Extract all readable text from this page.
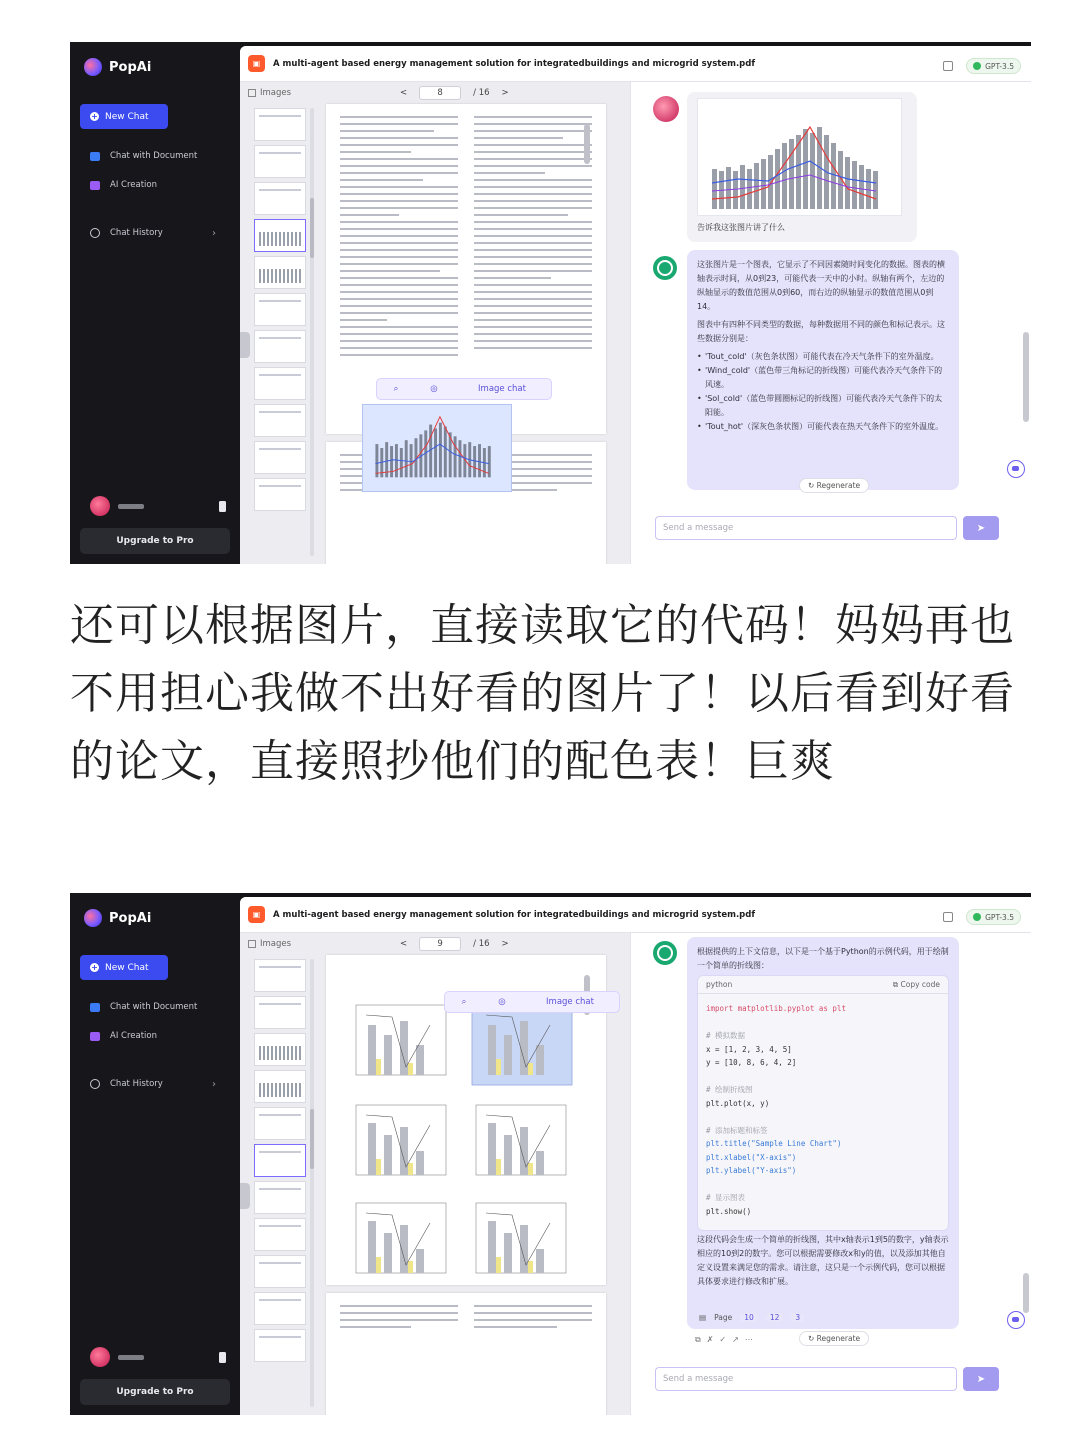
PopAi
+ New Chat
Chat with Document
AI Creation
Chat History	›
Upgrade to Pro
▣	A multi-agent based energy management solution for integratedbuildings and microgrid system.pdf	GPT-3.5
Images	<	8	/ 16 >
⌕	◎	Image chat
告诉我这张图片讲了什么

这张图片是一个图表，它显示了不同因素随时间变化的数据。图表的横轴表示时间，从0到23，可能代表一天中的小时。纵轴有两个，左边的纵轴显示的数值范围从0到60，而右边的纵轴显示的数值范围从0到14。

图表中有四种不同类型的数据，每种数据用不同的颜色和标记表示。这些数据分别是：

• 'Tout_cold'（灰色条状图）可能代表在冷天气条件下的室外温度。
• 'Wind_cold'（蓝色带三角标记的折线图）可能代表冷天气条件下的风速。
• 'Sol_cold'（蓝色带圆圈标记的折线图）可能代表冷天气条件下的太阳能。
• 'Tout_hot'（深灰色条状图）可能代表在热天气条件下的室外温度。
↻ Regenerate
Send a message	➤
还可以根据图片，直接读取它的代码！妈妈再也不用担心我做不出好看的图片了！以后看到好看的论文，直接照抄他们的配色表！巨爽
PopAi
+ New Chat
Chat with Document
AI Creation
Chat History	›
Upgrade to Pro
▣	A multi-agent based energy management solution for integratedbuildings and microgrid system.pdf	GPT-3.5
Images	<	9	/ 16 >
⌕	◎	Image chat

根据提供的上下文信息，以下是一个基于Python的示例代码，用于绘制一个简单的折线图：

python	⧉ Copy code
import matplotlib.pyplot as plt

# 模拟数据
x = [1, 2, 3, 4, 5]
y = [10, 8, 6, 4, 2]

# 绘制折线图
plt.plot(x, y)

# 添加标题和标签
plt.title("Sample Line Chart")
plt.xlabel("X-axis")
plt.ylabel("Y-axis")

# 显示图表
plt.show()

这段代码会生成一个简单的折线图，其中x轴表示1到5的数字，y轴表示相应的10到2的数字。您可以根据需要修改x和y的值，以及添加其他自定义设置来满足您的需求。请注意，这只是一个示例代码，您可以根据具体要求进行修改和扩展。

▤ Page	10	12	3
⧉ ✗ ✓ ↗ ⋯	↻ Regenerate
Send a message	➤
